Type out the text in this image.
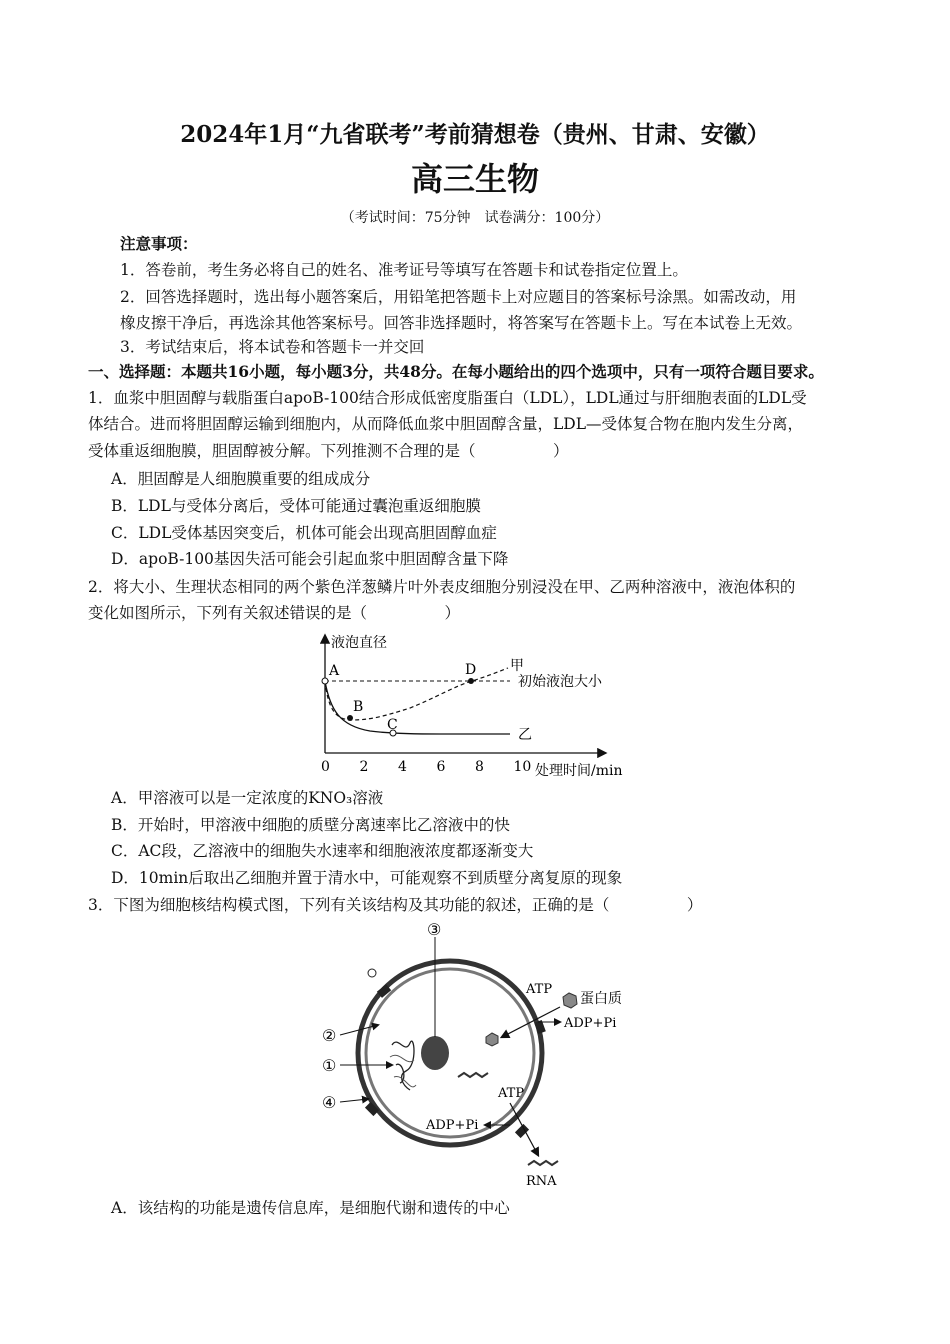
2024年1月“九省联考”考前猜想卷（贵州、甘肃、安徽）
高三生物
（考试时间：75分钟　试卷满分：100分）
注意事项：
1．答卷前，考生务必将自己的姓名、准考证号等填写在答题卡和试卷指定位置上。
2．回答选择题时，选出每小题答案后，用铅笔把答题卡上对应题目的答案标号涂黑。如需改动，用
橡皮擦干净后，再选涂其他答案标号。回答非选择题时，将答案写在答题卡上。写在本试卷上无效。
3．考试结束后，将本试卷和答题卡一并交回
一、选择题：本题共16小题，每小题3分，共48分。在每小题给出的四个选项中，只有一项符合题目要求。
1．血浆中胆固醇与载脂蛋白apoB-100结合形成低密度脂蛋白（LDL），LDL通过与肝细胞表面的LDL受
体结合。进而将胆固醇运输到细胞内，从而降低血浆中胆固醇含量，LDL—受体复合物在胞内发生分离，
受体重返细胞膜，胆固醇被分解。下列推测不合理的是（　　　　　）
A．胆固醇是人细胞膜重要的组成成分
B．LDL与受体分离后，受体可能通过囊泡重返细胞膜
C．LDL受体基因突变后，机体可能会出现高胆固醇血症
D．apoB-100基因失活可能会引起血浆中胆固醇含量下降
2．将大小、生理状态相同的两个紫色洋葱鳞片叶外表皮细胞分别浸没在甲、乙两种溶液中，液泡体积的
变化如图所示，下列有关叙述错误的是（　　　　　）
液泡直径
处理时间/min
0 2 4 6 8 10
初始液泡大小
A
B
C
D 甲
乙
A．甲溶液可以是一定浓度的KNO₃溶液
B．开始时，甲溶液中细胞的质壁分离速率比乙溶液中的快
C．AC段，乙溶液中的细胞失水速率和细胞液浓度都逐渐变大
D．10min后取出乙细胞并置于清水中，可能观察不到质壁分离复原的现象
3．下图为细胞核结构模式图，下列有关该结构及其功能的叙述，正确的是（　　　　　）
③
②
①
④
ATP
蛋白质
ADP+Pi
ATP
ADP+Pi
RNA
A．该结构的功能是遗传信息库，是细胞代谢和遗传的中心
